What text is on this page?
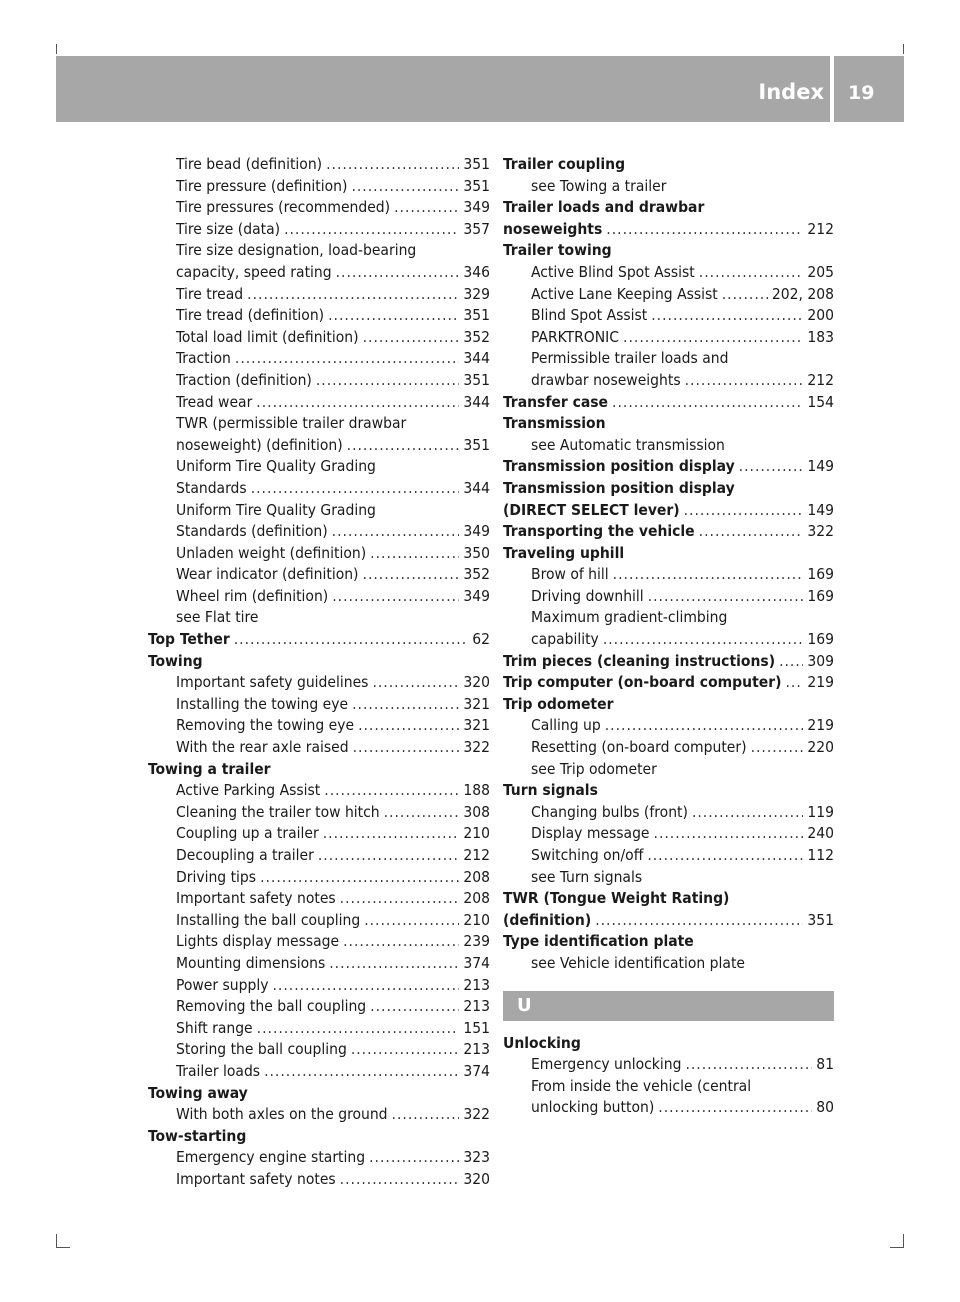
Index 19
Tire bead (definition) .....	351
Tire pressure (definition) .....	351
Tire pressures (recommended) .....	349
Tire size (data) .....	357
Tire size designation, load-bearing
capacity, speed rating .....	346
Tire tread .....	329
Tire tread (definition) .....	351
Total load limit (definition) .....	352
Traction .....	344
Traction (definition) .....	351
Tread wear .....	344
TWR (permissible trailer drawbar
noseweight) (definition) .....	351
Uniform Tire Quality Grading
Standards .....	344
Uniform Tire Quality Grading
Standards (definition) .....	349
Unladen weight (definition) .....	350
Wear indicator (definition) .....	352
Wheel rim (definition) .....	349
see Flat tire
Top Tether .....	62
Towing
Important safety guidelines .....	320
Installing the towing eye .....	321
Removing the towing eye .....	321
With the rear axle raised .....	322
Towing a trailer
Active Parking Assist .....	188
Cleaning the trailer tow hitch .....	308
Coupling up a trailer .....	210
Decoupling a trailer .....	212
Driving tips .....	208
Important safety notes .....	208
Installing the ball coupling .....	210
Lights display message .....	239
Mounting dimensions .....	374
Power supply .....	213
Removing the ball coupling .....	213
Shift range .....	151
Storing the ball coupling .....	213
Trailer loads .....	374
Towing away
With both axles on the ground .....	322
Tow-starting
Emergency engine starting .....	323
Important safety notes .....	320
Trailer coupling
see Towing a trailer
Trailer loads and drawbar
noseweights .....	212
Trailer towing
Active Blind Spot Assist .....	205
Active Lane Keeping Assist .....	202, 208
Blind Spot Assist .....	200
PARKTRONIC .....	183
Permissible trailer loads and
drawbar noseweights .....	212
Transfer case .....	154
Transmission
see Automatic transmission
Transmission position display .....	149
Transmission position display
(DIRECT SELECT lever) .....	149
Transporting the vehicle .....	322
Traveling uphill
Brow of hill .....	169
Driving downhill .....	169
Maximum gradient-climbing
capability .....	169
Trim pieces (cleaning instructions) ..... 309
Trip computer (on-board computer) ..... 219
Trip odometer
Calling up .....	219
Resetting (on-board computer) .....	220
see Trip odometer
Turn signals
Changing bulbs (front) .....	119
Display message .....	240
Switching on/off .....	112
see Turn signals
TWR (Tongue Weight Rating)
(definition) .....	351
Type identification plate
see Vehicle identification plate
U
Unlocking
Emergency unlocking .....	81
From inside the vehicle (central
unlocking button) .....	80
